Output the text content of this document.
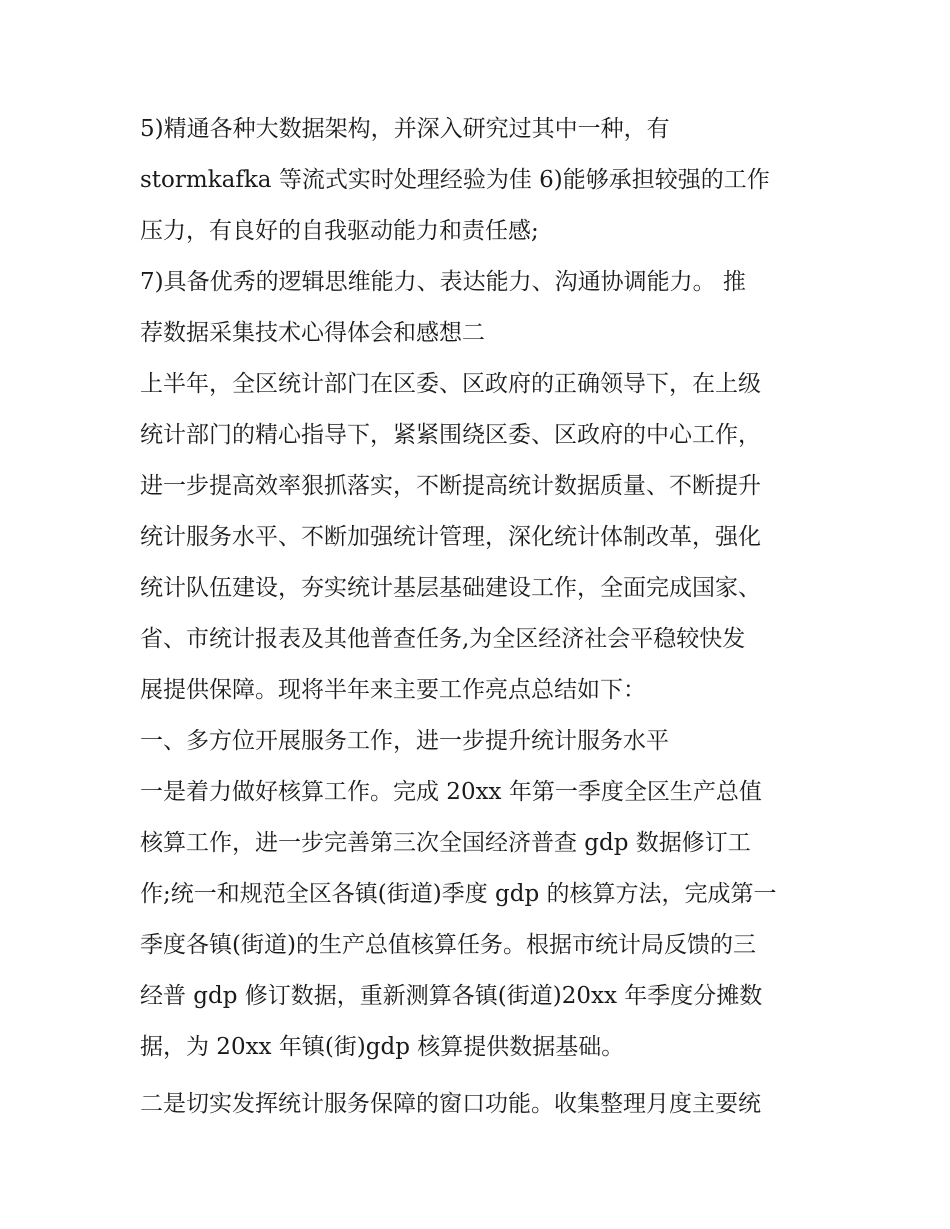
5)精通各种大数据架构，并深入研究过其中一种，有
stormkafka 等流式实时处理经验为佳 6)能够承担较强的工作
压力，有良好的自我驱动能力和责任感;
7)具备优秀的逻辑思维能力、表达能力、沟通协调能力。 推
荐数据采集技术心得体会和感想二
上半年，全区统计部门在区委、区政府的正确领导下，在上级
统计部门的精心指导下，紧紧围绕区委、区政府的中心工作，
进一步提高效率狠抓落实，不断提高统计数据质量、不断提升
统计服务水平、不断加强统计管理，深化统计体制改革，强化
统计队伍建设，夯实统计基层基础建设工作，全面完成国家、
省、市统计报表及其他普查任务,为全区经济社会平稳较快发
展提供保障。现将半年来主要工作亮点总结如下：
一、多方位开展服务工作，进一步提升统计服务水平
一是着力做好核算工作。完成 20xx 年第一季度全区生产总值
核算工作，进一步完善第三次全国经济普查 gdp 数据修订工
作;统一和规范全区各镇(街道)季度 gdp 的核算方法，完成第一
季度各镇(街道)的生产总值核算任务。根据市统计局反馈的三
经普 gdp 修订数据，重新测算各镇(街道)20xx 年季度分摊数
据，为 20xx 年镇(街)gdp 核算提供数据基础。
二是切实发挥统计服务保障的窗口功能。收集整理月度主要统
